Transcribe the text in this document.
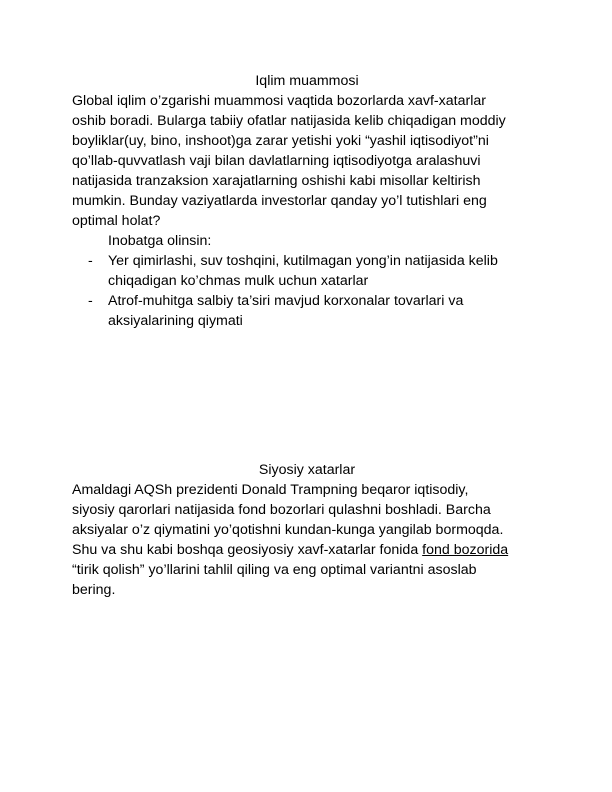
Iqlim muammosi

Global iqlim o’zgarishi muammosi vaqtida bozorlarda xavf-xatarlar
oshib boradi. Bularga tabiiy ofatlar natijasida kelib chiqadigan moddiy
boyliklar(uy, bino, inshoot)ga zarar yetishi yoki “yashil iqtisodiyot”ni
qo’llab-quvvatlash vaji bilan davlatlarning iqtisodiyotga aralashuvi
natijasida tranzaksion xarajatlarning oshishi kabi misollar keltirish
mumkin. Bunday vaziyatlarda investorlar qanday yo’l tutishlari eng
optimal holat?

Inobatga olinsin:

- Yer qimirlashi, suv toshqini, kutilmagan yong’in natijasida kelib
chiqadigan ko’chmas mulk uchun xatarlar
- Atrof-muhitga salbiy ta’siri mavjud korxonalar tovarlari va
aksiyalarining qiymati

Siyosiy xatarlar

Amaldagi AQSh prezidenti Donald Trampning beqaror iqtisodiy,
siyosiy qarorlari natijasida fond bozorlari qulashni boshladi. Barcha
aksiyalar o’z qiymatini yo’qotishni kundan-kunga yangilab bormoqda.
Shu va shu kabi boshqa geosiyosiy xavf-xatarlar fonida fond bozorida
“tirik qolish” yo’llarini tahlil qiling va eng optimal variantni asoslab
bering.
